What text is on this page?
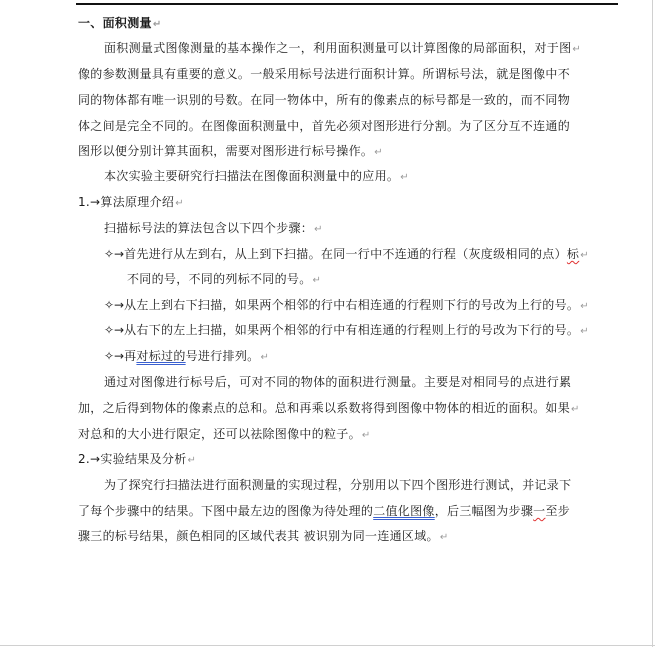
一、面积测量↵
面积测量式图像测量的基本操作之一，利用面积测量可以计算图像的局部面积，对于图↵
像的参数测量具有重要的意义。一般采用标号法进行面积计算。所谓标号法，就是图像中不
同的物体都有唯一识别的号数。在同一物体中，所有的像素点的标号都是一致的，而不同物
体之间是完全不同的。在图像面积测量中，首先必须对图形进行分割。为了区分互不连通的
图形以便分别计算其面积，需要对图形进行标号操作。↵
本次实验主要研究行扫描法在图像面积测量中的应用。↵
1.→算法原理介绍↵
扫描标号法的算法包含以下四个步骤：↵
✧→首先进行从左到右，从上到下扫描。在同一行中不连通的行程（灰度级相同的点）标↵
不同的号，不同的列标不同的号。↵
✧→从左上到右下扫描，如果两个相邻的行中右相连通的行程则下行的号改为上行的号。↵
✧→从右下的左上扫描，如果两个相邻的行中有相连通的行程则上行的号改为下行的号。↵
✧→再对标过的号进行排列。↵
通过对图像进行标号后，可对不同的物体的面积进行测量。主要是对相同号的点进行累
加，之后得到物体的像素点的总和。总和再乘以系数将得到图像中物体的相近的面积。如果↵
对总和的大小进行限定，还可以祛除图像中的粒子。↵
2.→实验结果及分析↵
为了探究行扫描法进行面积测量的实现过程，分别用以下四个图形进行测试，并记录下
了每个步骤中的结果。下图中最左边的图像为待处理的二值化图像，后三幅图为步骤一至步
骤三的标号结果，颜色相同的区域代表其 被识别为同一连通区域。↵
